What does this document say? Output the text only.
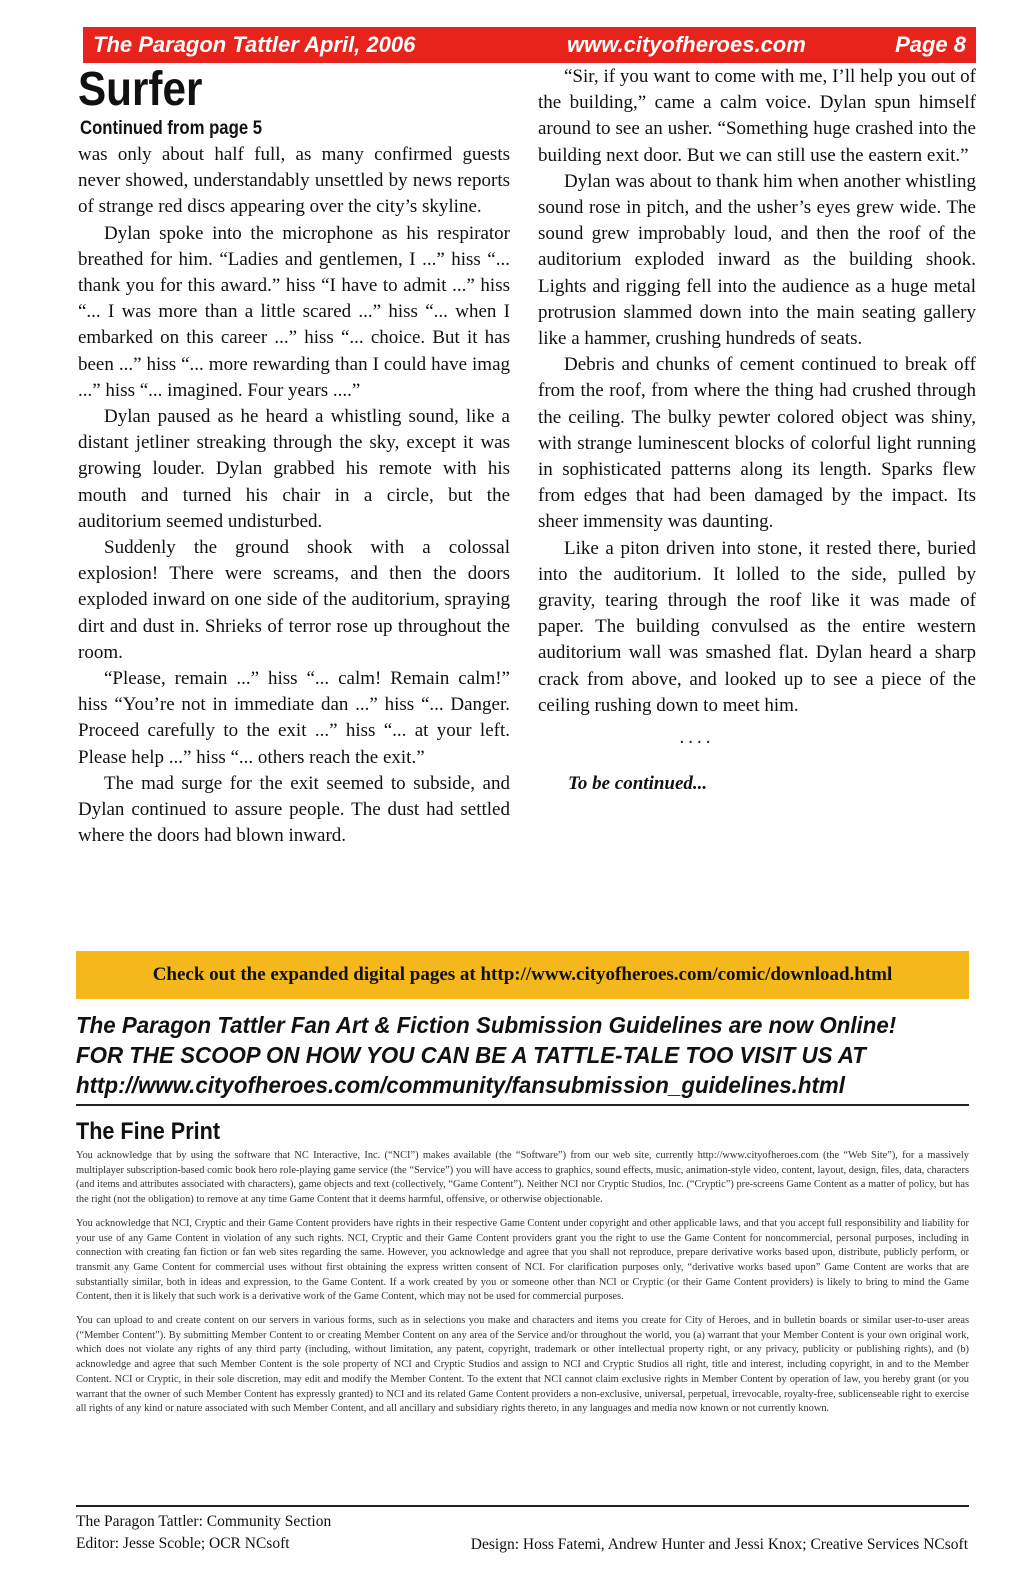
The Paragon Tattler April, 2006	www.cityofheroes.com	Page 8
Surfer
Continued from page 5

was only about half full, as many confirmed guests never showed, understandably unsettled by news reports of strange red discs appearing over the city’s skyline.

Dylan spoke into the microphone as his respirator breathed for him. “Ladies and gentlemen, I ...” hiss “... thank you for this award.” hiss “I have to admit ...” hiss “... I was more than a little scared ...” hiss “... when I embarked on this career ...” hiss “... choice. But it has been ...” hiss “... more rewarding than I could have imag ...” hiss “... imagined. Four years ....”

Dylan paused as he heard a whistling sound, like a distant jetliner streaking through the sky, except it was growing louder. Dylan grabbed his remote with his mouth and turned his chair in a circle, but the auditorium seemed undisturbed.

Suddenly the ground shook with a colossal explosion! There were screams, and then the doors exploded inward on one side of the auditorium, spraying dirt and dust in. Shrieks of terror rose up throughout the room.

“Please, remain ...” hiss “... calm! Remain calm!” hiss “You’re not in immediate dan ...” hiss “... Danger. Proceed carefully to the exit ...” hiss “... at your left. Please help ...” hiss “... others reach the exit.”

The mad surge for the exit seemed to subside, and Dylan continued to assure people. The dust had settled where the doors had blown inward.

“Sir, if you want to come with me, I’ll help you out of the building,” came a calm voice. Dylan spun himself around to see an usher. “Something huge crashed into the building next door. But we can still use the eastern exit.”

Dylan was about to thank him when another whistling sound rose in pitch, and the usher’s eyes grew wide. The sound grew improbably loud, and then the roof of the auditorium exploded inward as the building shook. Lights and rigging fell into the audience as a huge metal protrusion slammed down into the main seating gallery like a hammer, crushing hundreds of seats.

Debris and chunks of cement continued to break off from the roof, from where the thing had crushed through the ceiling. The bulky pewter colored object was shiny, with strange luminescent blocks of colorful light running in sophisticated patterns along its length. Sparks flew from edges that had been damaged by the impact. Its sheer immensity was daunting.

Like a piton driven into stone, it rested there, buried into the auditorium. It lolled to the side, pulled by gravity, tearing through the roof like it was made of paper. The building convulsed as the entire western auditorium wall was smashed flat. Dylan heard a sharp crack from above, and looked up to see a piece of the ceiling rushing down to meet him.

....
To be continued...
Check out the expanded digital pages at http://www.cityofheroes.com/comic/download.html
The Paragon Tattler Fan Art & Fiction Submission Guidelines are now Online!
FOR THE SCOOP ON HOW YOU CAN BE A TATTLE-TALE TOO VISIT US AT
http://www.cityofheroes.com/community/fansubmission_guidelines.html
The Fine Print

You acknowledge that by using the software that NC Interactive, Inc. (“NCI”) makes available (the “Software”) from our web site, currently http://www.cityofheroes.com (the “Web Site”), for a massively multiplayer subscription-based comic book hero role-playing game service (the “Service”) you will have access to graphics, sound effects, music, animation-style video, content, layout, design, files, data, characters (and items and attributes associated with characters), game objects and text (collectively, “Game Content”). Neither NCI nor Cryptic Studios, Inc. (“Cryptic”) pre-screens Game Content as a matter of policy, but has the right (not the obligation) to remove at any time Game Content that it deems harmful, offensive, or otherwise objectionable.

You acknowledge that NCI, Cryptic and their Game Content providers have rights in their respective Game Content under copyright and other applicable laws, and that you accept full responsibility and liability for your use of any Game Content in violation of any such rights. NCI, Cryptic and their Game Content providers grant you the right to use the Game Content for noncommercial, personal purposes, including in connection with creating fan fiction or fan web sites regarding the same. However, you acknowledge and agree that you shall not reproduce, prepare derivative works based upon, distribute, publicly perform, or transmit any Game Content for commercial uses without first obtaining the express written consent of NCI. For clarification purposes only, “derivative works based upon” Game Content are works that are substantially similar, both in ideas and expression, to the Game Content. If a work created by you or someone other than NCI or Cryptic (or their Game Content providers) is likely to bring to mind the Game Content, then it is likely that such work is a derivative work of the Game Content, which may not be used for commercial purposes.

You can upload to and create content on our servers in various forms, such as in selections you make and characters and items you create for City of Heroes, and in bulletin boards or similar user-to-user areas (“Member Content”). By submitting Member Content to or creating Member Content on any area of the Service and/or throughout the world, you (a) warrant that your Member Content is your own original work, which does not violate any rights of any third party (including, without limitation, any patent, copyright, trademark or other intellectual property right, or any privacy, publicity or publishing rights), and (b) acknowledge and agree that such Member Content is the sole property of NCI and Cryptic Studios and assign to NCI and Cryptic Studios all right, title and interest, including copyright, in and to the Member Content. NCI or Cryptic, in their sole discretion, may edit and modify the Member Content. To the extent that NCI cannot claim exclusive rights in Member Content by operation of law, you hereby grant (or you warrant that the owner of such Member Content has expressly granted) to NCI and its related Game Content providers a non-exclusive, universal, perpetual, irrevocable, royalty-free, sublicenseable right to exercise all rights of any kind or nature associated with such Member Content, and all ancillary and subsidiary rights thereto, in any languages and media now known or not currently known.

The Paragon Tattler: Community Section
Editor: Jesse Scoble; OCR NCsoft	Design: Hoss Fatemi, Andrew Hunter and Jessi Knox; Creative Services NCsoft
